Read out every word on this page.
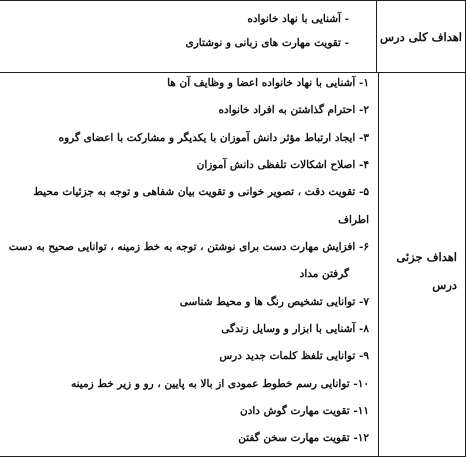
اهداف کلی درس
- آشنایی با نهاد خانواده
- تقویت مهارت های زبانی و نوشتاری
اهداف جزئی
درس
۱- آشنایی با نهاد خانواده اعضا و وظایف آن ها
۲- احترام گذاشتن به افراد خانواده
۳- ایجاد ارتباط مؤثر دانش آموزان با یکدیگر و مشارکت با اعضای گروه
۴- اصلاح اشکالات تلفظی دانش آموزان
۵- تقویت دقت ، تصویر خوانی و تقویت بیان شفاهی و توجه به جزئیات محیط
اطراف
۶- افزایش مهارت دست برای نوشتن ، توجه به خط زمینه ، توانایی صحیح به دست
گرفتن مداد
۷- توانایی تشخیص رنگ ها و محیط شناسی
۸- آشنایی با ابزار و وسایل زندگی
۹- توانایی تلفظ کلمات جدید درس
۱۰- توانایی رسم خطوط عمودی از بالا به پایین ، رو و زیر خط زمینه
۱۱- تقویت مهارت گوش دادن
۱۲- تقویت مهارت سخن گفتن
